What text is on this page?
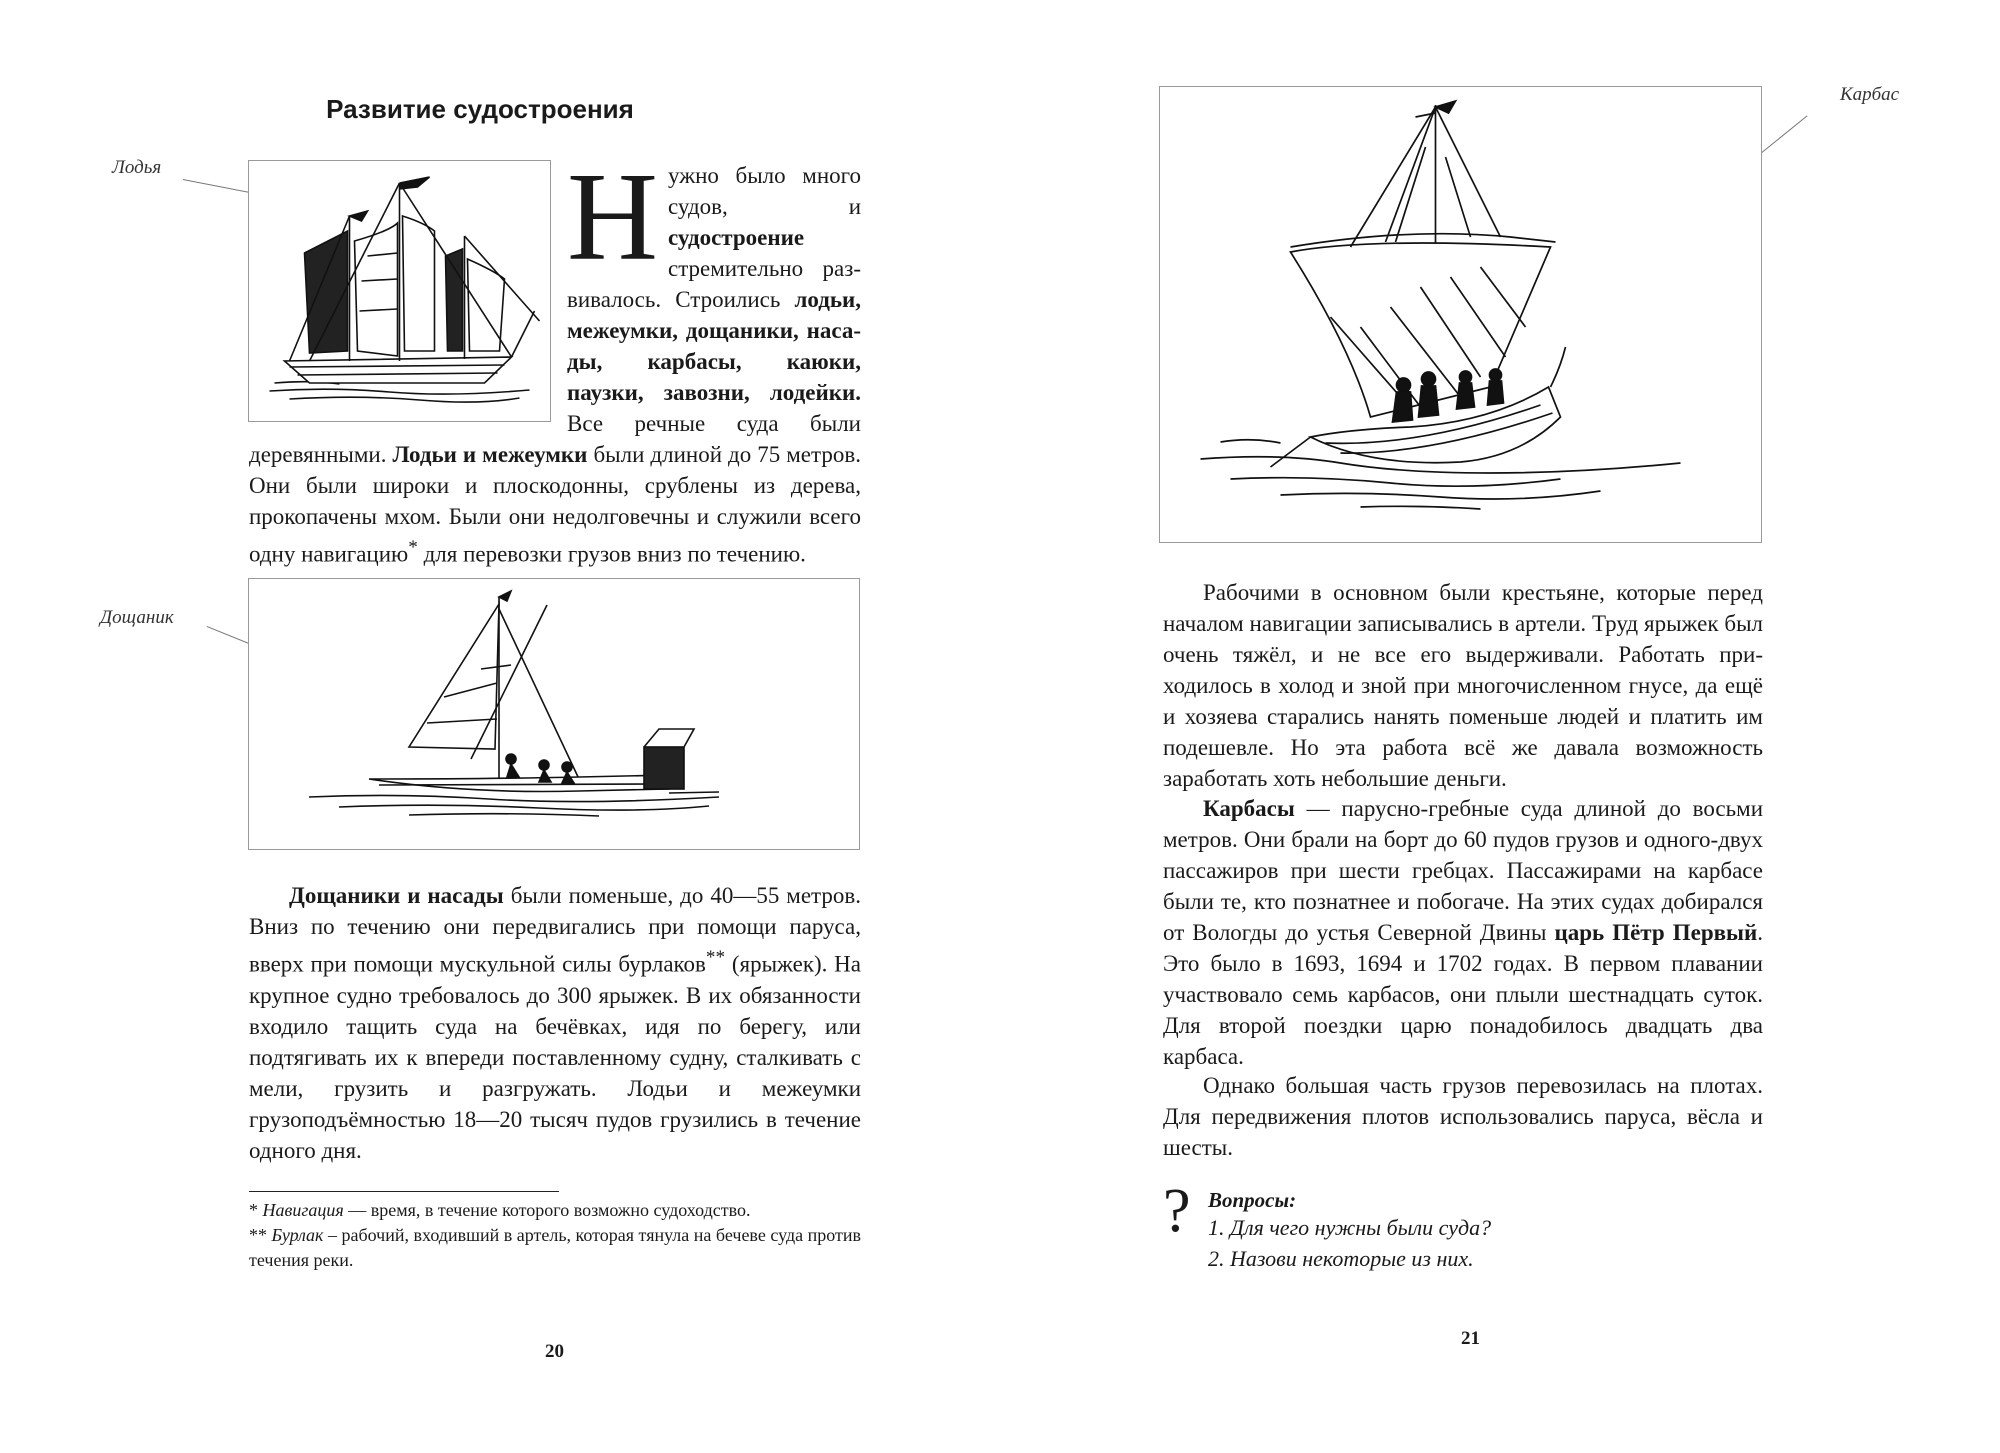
Развитие судостроения
Лодья	Нужно было много судов, и судостроение стремительно развивалось. Строились лодьи, межеумки, дощаники, насады, карбасы, каюки, паузки, завозни, лодейки. Все речные суда были деревянными. Лодьи и межеумки были длиной до 75 метров. Они были широки и плоскодонны, срублены из дерева, прокопачены мхом. Были они недолговечны и служили всего одну навигацию* для перевозки грузов вниз по течению.
Дощаник

Дощаники и насады были поменьше, до 40—55 метров. Вниз по течению они передвигались при помощи паруса, вверх при помощи мускульной силы бурлаков** (ярыжек). На крупное судно требовалось до 300 ярыжек. В их обязанности входило тащить суда на бечёвках, идя по берегу, или подтягивать их к впереди поставленному судну, сталкивать с мели, грузить и разгружать. Лодьи и межеумки грузоподъёмностью 18—20 тысяч пудов грузились в течение одного дня.

* Навигация — время, в течение которого возможно судоходство.
** Бурлак – рабочий, входивший в артель, которая тянула на бечеве суда против течения реки.
20
Карбас

Рабочими в основном были крестьяне, которые перед началом навигации записывались в артели. Труд ярыжек был очень тяжёл, и не все его выдерживали. Работать приходилось в холод и зной при многочисленном гнусе, да ещё и хозяева старались нанять поменьше людей и платить им подешевле. Но эта работа всё же давала возможность заработать хоть небольшие деньги.

Карбасы — парусно-гребные суда длиной до восьми метров. Они брали на борт до 60 пудов грузов и одного-двух пассажиров при шести гребцах. Пассажирами на карбасе были те, кто познатнее и побогаче. На этих судах добирался от Вологды до устья Северной Двины царь Пётр Первый. Это было в 1693, 1694 и 1702 годах. В первом плавании участвовало семь карбасов, они плыли шестнадцать суток. Для второй поездки царю понадобилось двадцать два карбаса.

Однако большая часть грузов перевозилась на плотах. Для передвижения плотов использовались паруса, вёсла и шесты.

? Вопросы:
1. Для чего нужны были суда?
2. Назови некоторые из них.
21
